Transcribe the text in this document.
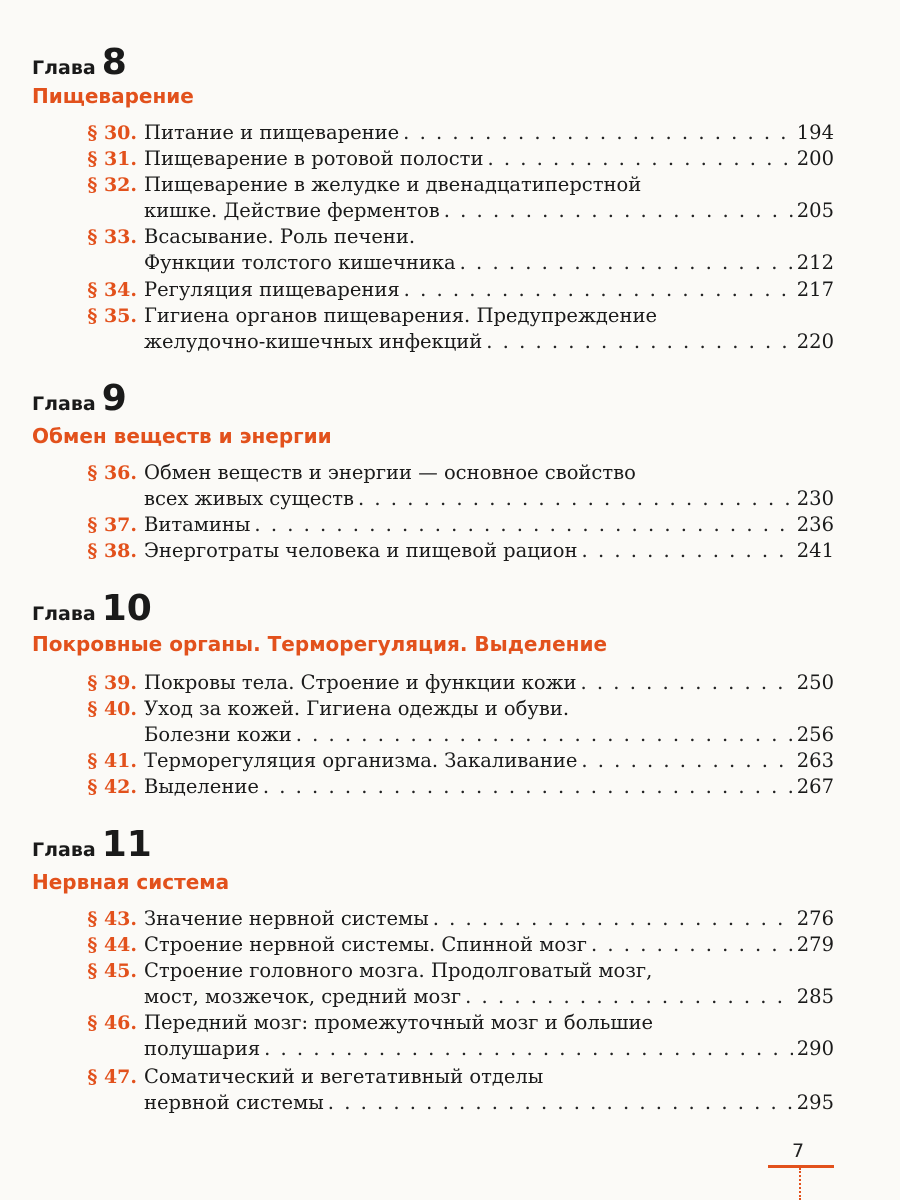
Глава 8
Пищеварение
§ 30. Питание и пищеварение . . .	194
§ 31. Пищеварение в ротовой полости . . .	200
§ 32. Пищеварение в желудке и двенадцатиперстной
кишке. Действие ферментов . . .	205
§ 33. Всасывание. Роль печени.
Функции толстого кишечника . . .	212
§ 34. Регуляция пищеварения . . .	217
§ 35. Гигиена органов пищеварения. Предупреждение
желудочно-кишечных инфекций . . .	220
Глава 9
Обмен веществ и энергии
§ 36. Обмен веществ и энергии — основное свойство
всех живых существ . . .	230
§ 37. Витамины . . .	236
§ 38. Энерготраты человека и пищевой рацион . . .	241
Глава 10
Покровные органы. Терморегуляция. Выделение
§ 39. Покровы тела. Строение и функции кожи . . .	250
§ 40. Уход за кожей. Гигиена одежды и обуви.
Болезни кожи . . .	256
§ 41. Терморегуляция организма. Закаливание . . .	263
§ 42. Выделение . . .	267
Глава 11
Нервная система
§ 43. Значение нервной системы . . .	276
§ 44. Строение нервной системы. Спинной мозг . . .	279
§ 45. Строение головного мозга. Продолговатый мозг,
мост, мозжечок, средний мозг . . .	285
§ 46. Передний мозг: промежуточный мозг и большие
полушария . . .	290
§ 47. Соматический и вегетативный отделы
нервной системы . . .	295
7
